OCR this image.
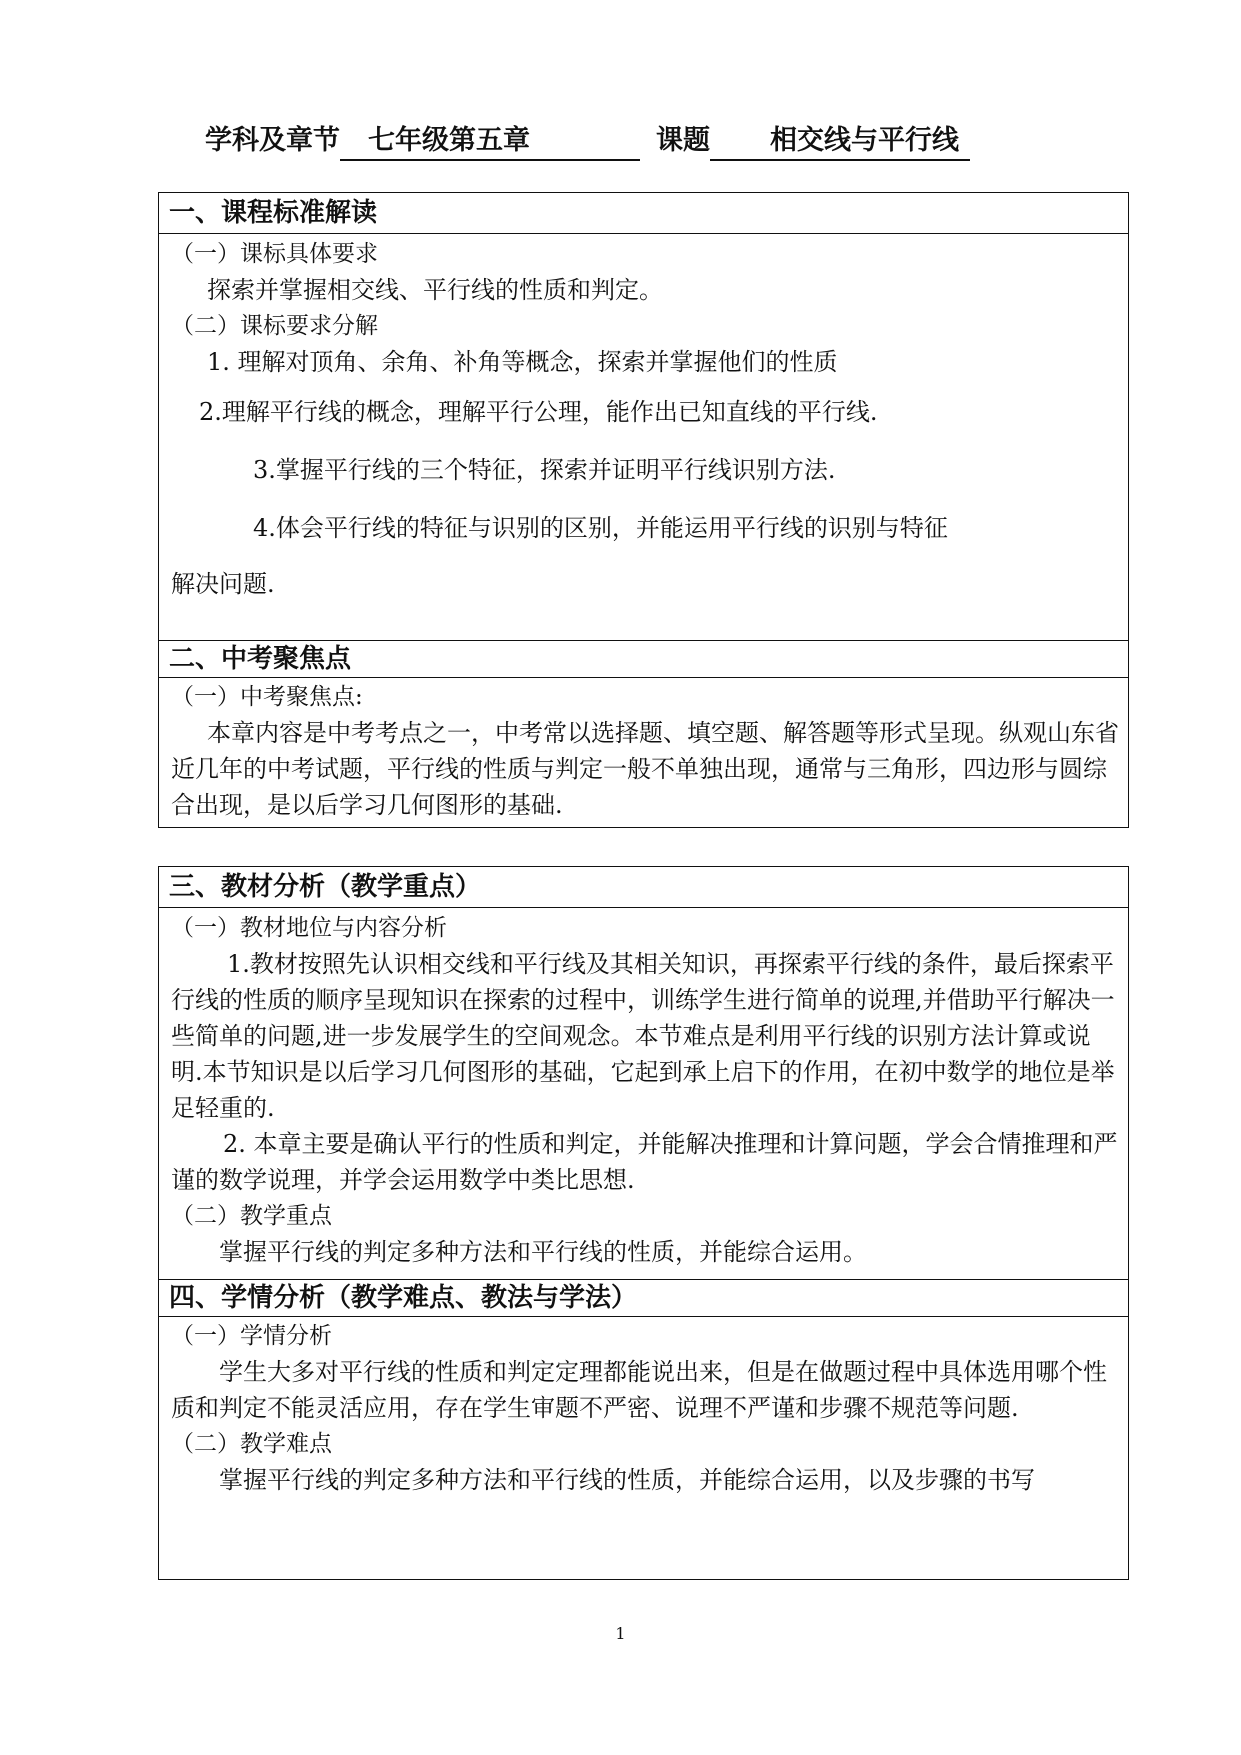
学科及章节 七年级第五章	课题 相交线与平行线
一、课程标准解读
（一）课标具体要求
探索并掌握相交线、平行线的性质和判定。
（二）课标要求分解
1. 理解对顶角、余角、补角等概念，探索并掌握他们的性质
2.理解平行线的概念，理解平行公理，能作出已知直线的平行线.
3.掌握平行线的三个特征，探索并证明平行线识别方法.
4.体会平行线的特征与识别的区别，并能运用平行线的识别与特征
解决问题.
二、中考聚焦点
（一）中考聚焦点:
本章内容是中考考点之一，中考常以选择题、填空题、解答题等形式呈现。纵观山东省近几年的中考试题，平行线的性质与判定一般不单独出现，通常与三角形，四边形与圆综合出现，是以后学习几何图形的基础.
三、教材分析（教学重点）
（一）教材地位与内容分析
1.教材按照先认识相交线和平行线及其相关知识，再探索平行线的条件，最后探索平行线的性质的顺序呈现知识在探索的过程中，训练学生进行简单的说理,并借助平行解决一些简单的问题,进一步发展学生的空间观念。本节难点是利用平行线的识别方法计算或说明.本节知识是以后学习几何图形的基础，它起到承上启下的作用，在初中数学的地位是举足轻重的.
2. 本章主要是确认平行的性质和判定，并能解决推理和计算问题，学会合情推理和严谨的数学说理，并学会运用数学中类比思想.
（二）教学重点
掌握平行线的判定多种方法和平行线的性质，并能综合运用。
四、学情分析（教学难点、教法与学法）
（一）学情分析
学生大多对平行线的性质和判定定理都能说出来，但是在做题过程中具体选用哪个性质和判定不能灵活应用，存在学生审题不严密、说理不严谨和步骤不规范等问题.
（二）教学难点
掌握平行线的判定多种方法和平行线的性质，并能综合运用，以及步骤的书写
1
